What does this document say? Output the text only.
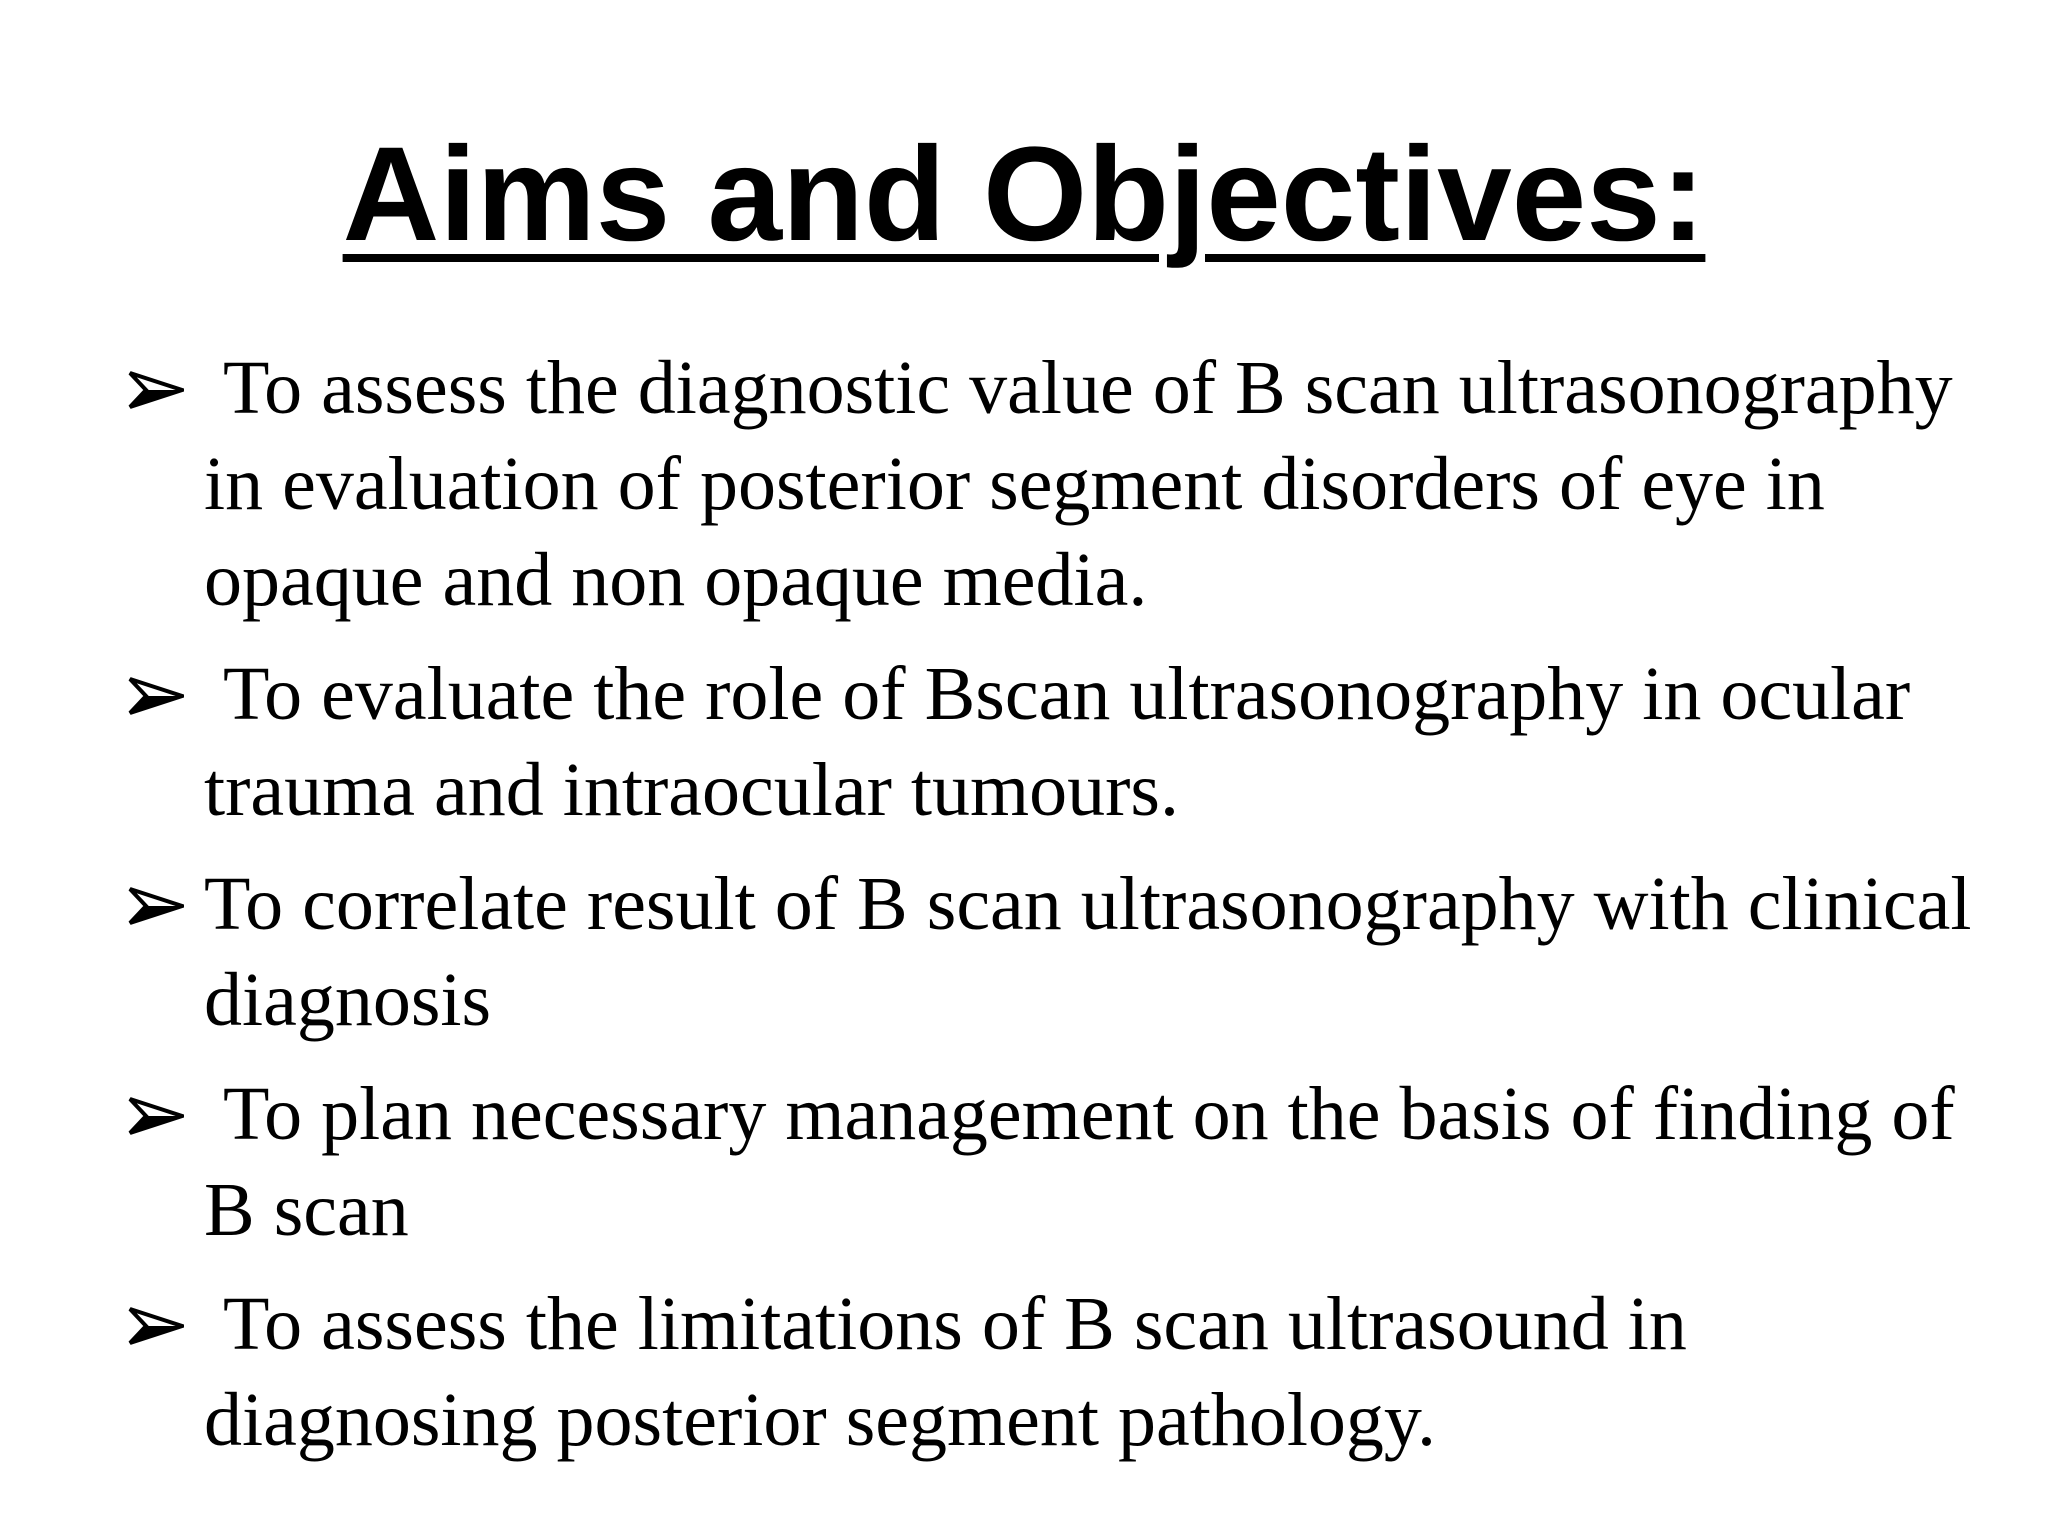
Aims and Objectives:
To assess the diagnostic value of B scan ultrasonography in evaluation of posterior segment disorders of eye in opaque and non opaque media.
To evaluate the role of Bscan ultrasonography in ocular trauma and intraocular tumours.
To correlate result of B scan ultrasonography with clinical diagnosis
To plan necessary management on the basis of finding of B scan
To assess the limitations of B scan ultrasound in diagnosing posterior segment pathology.
